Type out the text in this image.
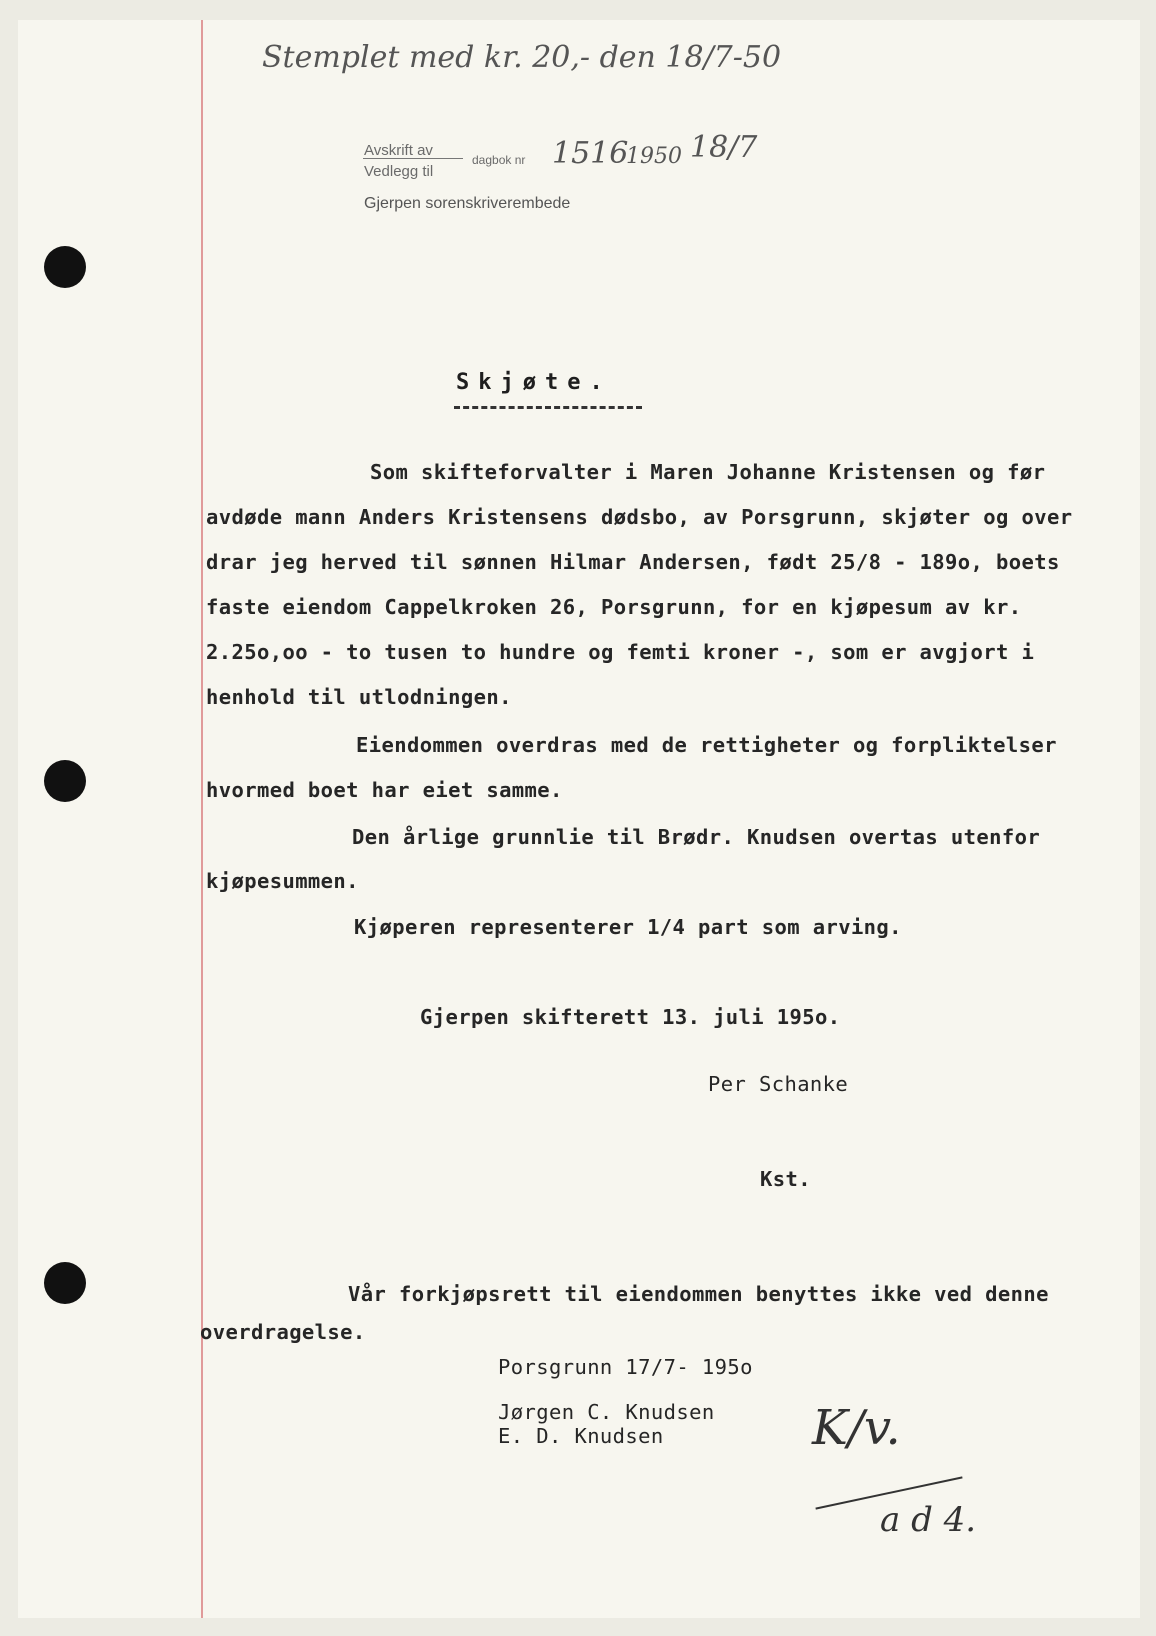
Stemplet med kr. 20,- den 18/7-50
Avskrift av
Vedlegg til
dagbok nr 1516
1950 18/7
Gjerpen sorenskriverembede
Skjøte.
Som skifteforvalter i Maren Johanne Kristensen og før
avdøde mann Anders Kristensens dødsbo, av Porsgrunn, skjøter og over
drar jeg herved til sønnen Hilmar Andersen, født 25/8 - 189o, boets
faste eiendom Cappelkroken 26, Porsgrunn, for en kjøpesum av kr.
2.25o,oo - to tusen to hundre og femti kroner -, som er avgjort i
henhold til utlodningen.
Eiendommen overdras med de rettigheter og forpliktelser
hvormed boet har eiet samme.
Den årlige grunnlie til Brødr. Knudsen overtas utenfor
kjøpesummen.
Kjøperen representerer 1/4 part som arving.
Gjerpen skifterett 13. juli 195o.
Per Schanke
Kst.
Vår forkjøpsrett til eiendommen benyttes ikke ved denne
overdragelse.
Porsgrunn 17/7- 195o
Jørgen C. Knudsen
E. D. Knudsen	K/v.
a d 4.
